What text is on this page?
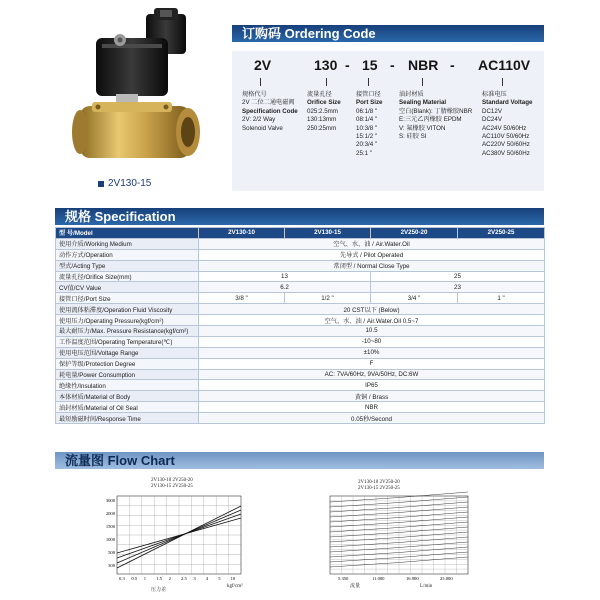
2V130-15
订购码 Ordering Code
2V	130 - 15 - NBR - AC110V
规格代号
2V 二位二通电磁阀
Specification Code
2V: 2/2 Way
Solenoid Valve
流量孔径
Orifice Size
025:2.5mm
130:13mm
250:25mm
接管口径
Port Size
06:1/8 "
08:1/4 "
10:3/8 "
15:1/2 "
20:3/4 "
25:1 "
油封材质
Sealing Material
空白(Blank): 丁腈橡胶NBR
E:三元乙丙橡胶 EPDM
V: 氟橡胶 VITON
S: 硅胶 SI
标准电压
Standard Voltage
DC12V
DC24V
AC24V 50/60Hz
AC110V 50/60Hz
AC220V 50/60Hz
AC380V 50/60Hz
规格 Specification
型 号/Model	2V130-10	2V130-15	2V250-20	2V250-25
使用介质/Working Medium	空气、水、油 / Air.Water.Oil			
动作方式/Operation	先导式 / Pilot Operated			
型式/Acting Type	常闭型 / Normal Close Type			
流量孔径/Orifice Size(mm)	13		25	
CV值/CV Value	6.2		23	
接管口径/Port Size	3/8 "	1/2 "	3/4 "	1 "
使用流体粘滞度/Operation Fluid Viscosity	20 CST以下 (Below)			
使用压力/Operating Pressure(kgf/cm²)	空气、水、油 / Air.Water.Oil 0.5~7			
最大耐压力/Max. Pressure Resistance(kgf/cm²)	10.5			
工作温度范围/Operating Temperature(℃)	-10~80			
使用电压范围/Voltage Range	±10%			
保护等级/Protection Degree	F			
耗电量/Power Consumption	AC: 7VA/60Hz, 9VA/50Hz, DC:6W			
绝缘性/Insulation	IP65			
本体材质/Material of Body	黄铜 / Brass			
油封材质/Material of Oil Seal	NBR			
最短励磁时间/Response Time	0.05秒/Second			
流量图 Flow Chart
2V130-10 2V250-20
2V130-15 2V250-25
3000
2000
1500
1000
500
300
0.3 0.5 1 1.5 2 2.5 3 4 5 10
kgf/cm²
压力差
2V130-10 2V250-20
2V130-15 2V250-25
5.350	11.000	16.900	25.000
流量	L/min
